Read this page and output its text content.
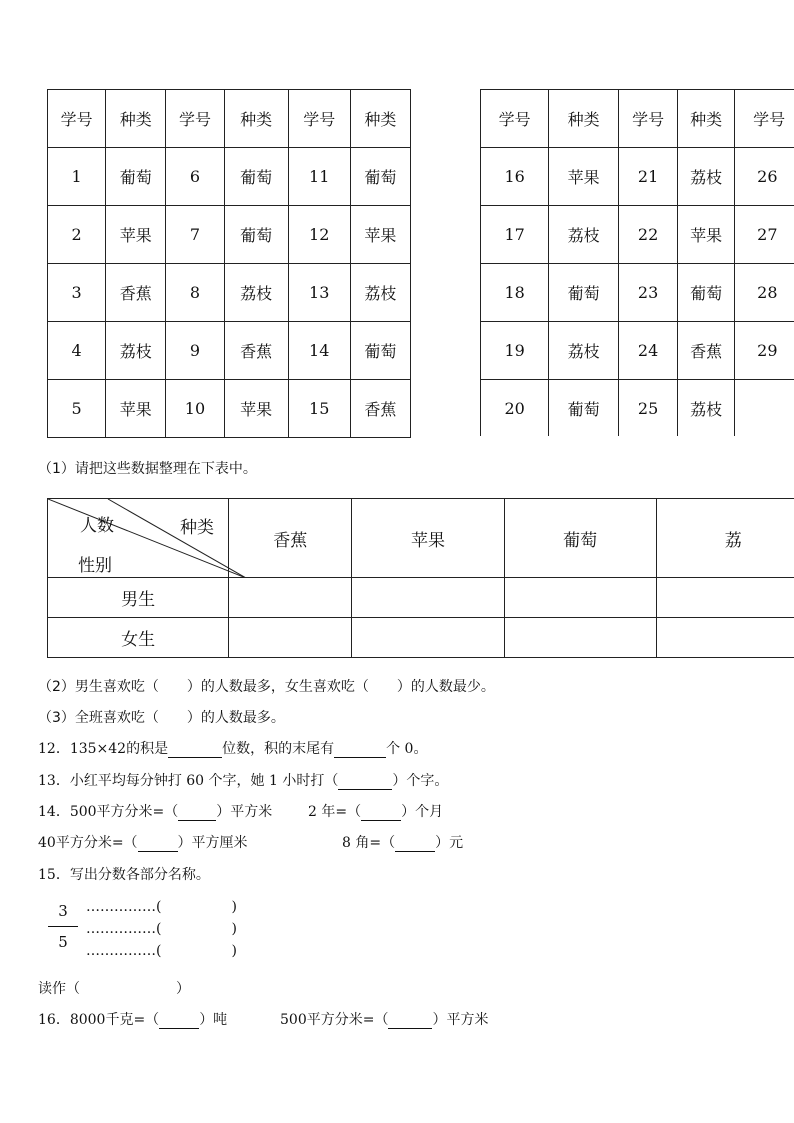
学号	种类	学号	种类	学号	种类
1	葡萄	6	葡萄	11	葡萄
2	苹果	7	葡萄	12	苹果
3	香蕉	8	荔枝	13	荔枝
4	荔枝	9	香蕉	14	葡萄
5	苹果	10	苹果	15	香蕉
学号	种类	学号	种类	学号
16	苹果	21	荔枝	26
17	荔枝	22	苹果	27
18	葡萄	23	葡萄	28
19	荔枝	24	香蕉	29
20	葡萄	25	荔枝	
（1）请把这些数据整理在下表中。
人数 种类
性别	香蕉	苹果	葡萄	荔
男生				
女生				
（2）男生喜欢吃（　　）的人数最多，女生喜欢吃（　　）的人数最少。
（3）全班喜欢吃（　　）的人数最多。
12．135×42的积是	位数，积的末尾有	个 0。
13．小红平均每分钟打 60 个字，她 1 小时打（	）个字。
14．500平方分米=（	）平方米	2 年=（	）个月
40平方分米=（	）平方厘米	8 角=（	）元
15．写出分数各部分名称。
3
5
……………(	)
……………(	)
……………(	)
读作（	）
16．8000千克=（	）吨	500平方分米=（	）平方米
